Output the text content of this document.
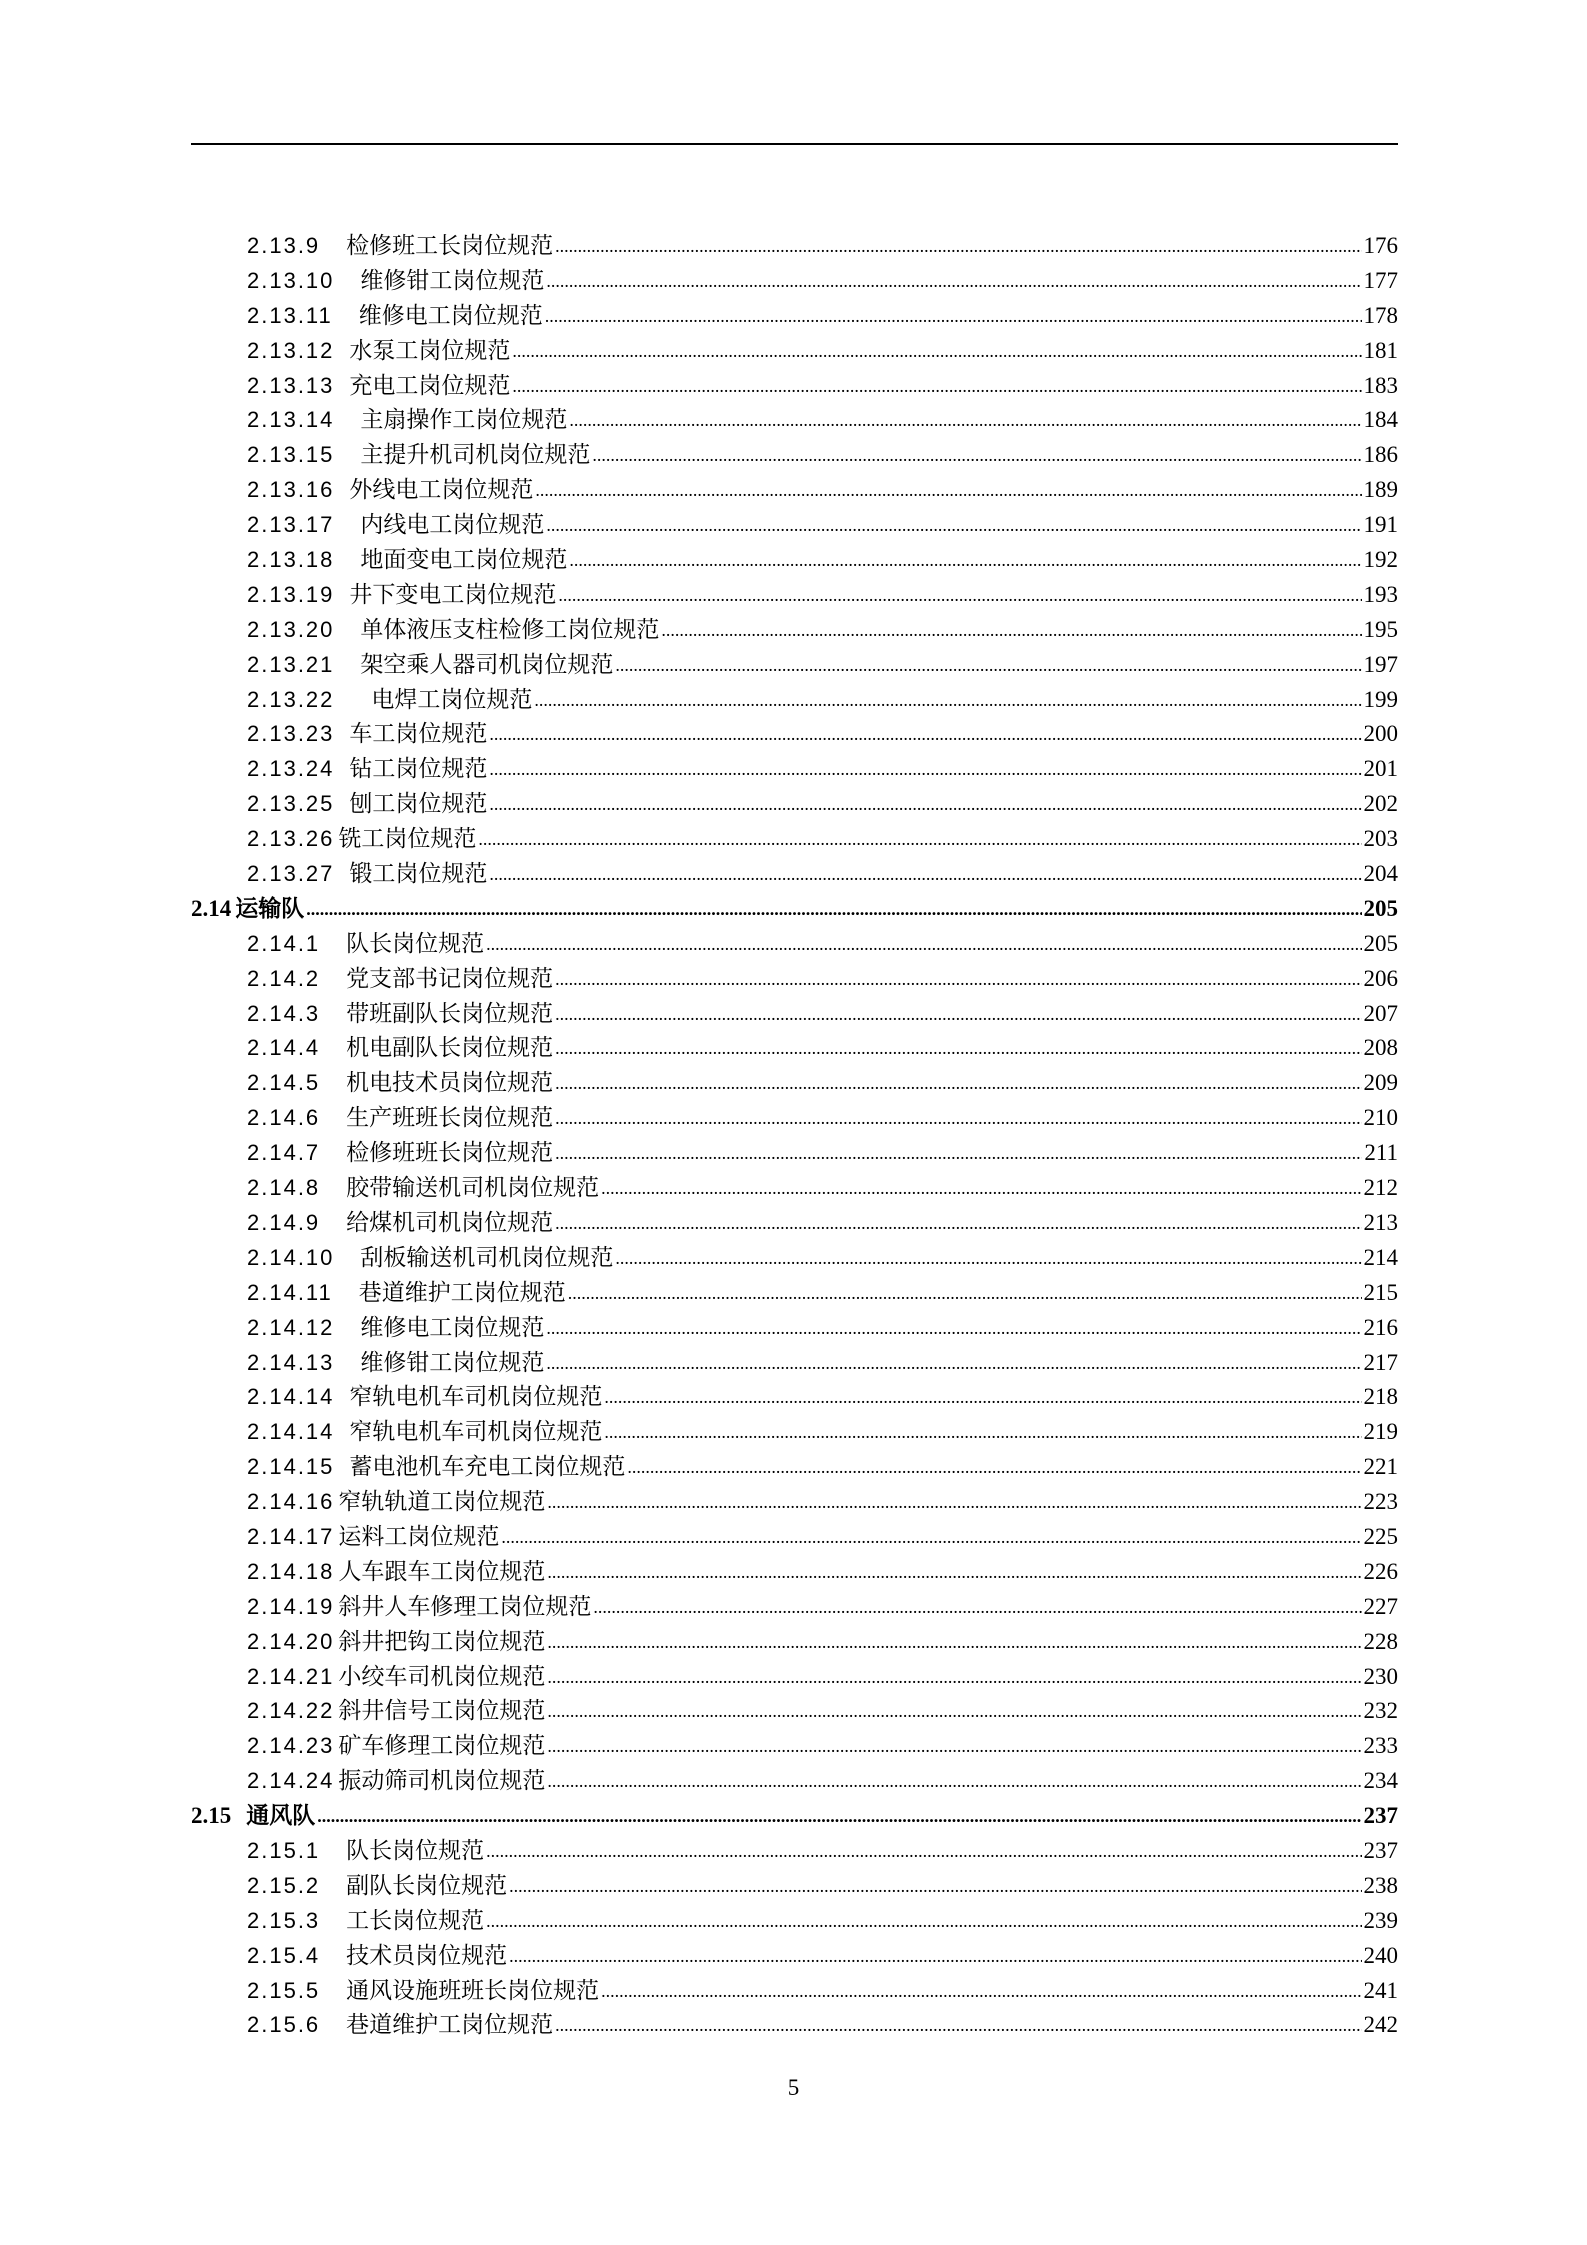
2.13.9 检修班工长岗位规范 .....	176
2.13.10 维修钳工岗位规范 .....	177
2.13.11 维修电工岗位规范 .....	178
2.13.12 水泵工岗位规范 .....	181
2.13.13 充电工岗位规范 .....	183
2.13.14 主扇操作工岗位规范 .....	184
2.13.15 主提升机司机岗位规范 .....	186
2.13.16 外线电工岗位规范 .....	189
2.13.17 内线电工岗位规范 .....	191
2.13.18 地面变电工岗位规范 .....	192
2.13.19 井下变电工岗位规范 .....	193
2.13.20 单体液压支柱检修工岗位规范 .....	195
2.13.21 架空乘人器司机岗位规范 .....	197
2.13.22 电焊工岗位规范 .....	199
2.13.23 车工岗位规范 .....	200
2.13.24 钻工岗位规范 .....	201
2.13.25 刨工岗位规范 .....	202
2.13.26 铣工岗位规范 .....	203
2.13.27 锻工岗位规范 .....	204
2.14 运输队 .....	205
2.14.1 队长岗位规范 .....	205
2.14.2 党支部书记岗位规范 .....	206
2.14.3 带班副队长岗位规范 .....	207
2.14.4 机电副队长岗位规范 .....	208
2.14.5 机电技术员岗位规范 .....	209
2.14.6 生产班班长岗位规范 .....	210
2.14.7 检修班班长岗位规范 .....	211
2.14.8 胶带输送机司机岗位规范 .....	212
2.14.9 给煤机司机岗位规范 .....	213
2.14.10 刮板输送机司机岗位规范 .....	214
2.14.11 巷道维护工岗位规范 .....	215
2.14.12 维修电工岗位规范 .....	216
2.14.13 维修钳工岗位规范 .....	217
2.14.14 窄轨电机车司机岗位规范 .....	218
2.14.14 窄轨电机车司机岗位规范 .....	219
2.14.15 蓄电池机车充电工岗位规范 .....	221
2.14.16 窄轨轨道工岗位规范 .....	223
2.14.17 运料工岗位规范 .....	225
2.14.18 人车跟车工岗位规范 .....	226
2.14.19 斜井人车修理工岗位规范 .....	227
2.14.20 斜井把钩工岗位规范 .....	228
2.14.21 小绞车司机岗位规范 .....	230
2.14.22 斜井信号工岗位规范 .....	232
2.14.23 矿车修理工岗位规范 .....	233
2.14.24 振动筛司机岗位规范 .....	234
2.15 通风队 .....	237
2.15.1 队长岗位规范 .....	237
2.15.2 副队长岗位规范 .....	238
2.15.3 工长岗位规范 .....	239
2.15.4 技术员岗位规范 .....	240
2.15.5 通风设施班班长岗位规范 .....	241
2.15.6 巷道维护工岗位规范 .....	242
5
